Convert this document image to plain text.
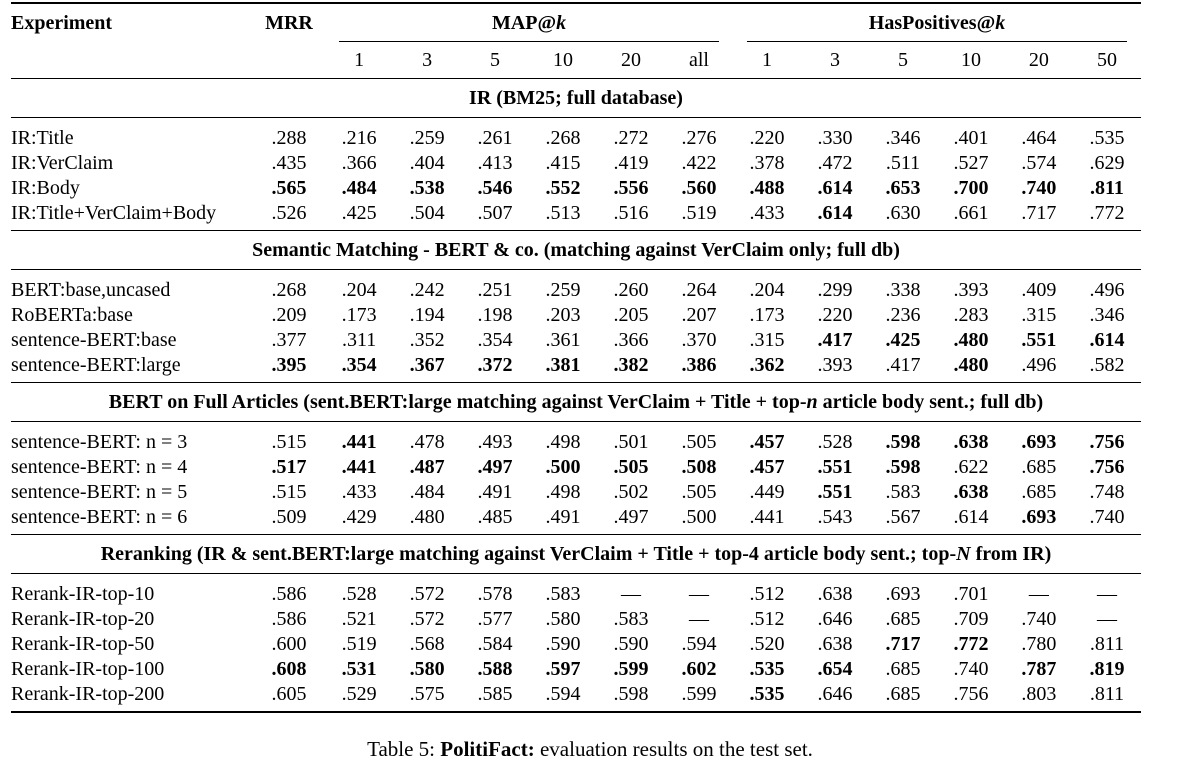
Experiment	MRR	MAP@k						HasPositives@k					

		1	3	5	10	20	all	1	3	5	10	20	50
IR (BM25; full database)													
IR:Title	.288	.216	.259	.261	.268	.272	.276	.220	.330	.346	.401	.464	.535
IR:VerClaim	.435	.366	.404	.413	.415	.419	.422	.378	.472	.511	.527	.574	.629
IR:Body	.565	.484	.538	.546	.552	.556	.560	.488	.614	.653	.700	.740	.811
IR:Title+VerClaim+Body	.526	.425	.504	.507	.513	.516	.519	.433	.614	.630	.661	.717	.772
Semantic Matching - BERT & co. (matching against VerClaim only; full db)													
BERT:base,uncased	.268	.204	.242	.251	.259	.260	.264	.204	.299	.338	.393	.409	.496
RoBERTa:base	.209	.173	.194	.198	.203	.205	.207	.173	.220	.236	.283	.315	.346
sentence-BERT:base	.377	.311	.352	.354	.361	.366	.370	.315	.417	.425	.480	.551	.614
sentence-BERT:large	.395	.354	.367	.372	.381	.382	.386	.362	.393	.417	.480	.496	.582
BERT on Full Articles (sent.BERT:large matching against VerClaim + Title + top-n article body sent.; full db)													
sentence-BERT: n = 3	.515	.441	.478	.493	.498	.501	.505	.457	.528	.598	.638	.693	.756
sentence-BERT: n = 4	.517	.441	.487	.497	.500	.505	.508	.457	.551	.598	.622	.685	.756
sentence-BERT: n = 5	.515	.433	.484	.491	.498	.502	.505	.449	.551	.583	.638	.685	.748
sentence-BERT: n = 6	.509	.429	.480	.485	.491	.497	.500	.441	.543	.567	.614	.693	.740
Reranking (IR & sent.BERT:large matching against VerClaim + Title + top-4 article body sent.; top-N from IR)													
Rerank-IR-top-10	.586	.528	.572	.578	.583	—	—	.512	.638	.693	.701	—	—
Rerank-IR-top-20	.586	.521	.572	.577	.580	.583	—	.512	.646	.685	.709	.740	—
Rerank-IR-top-50	.600	.519	.568	.584	.590	.590	.594	.520	.638	.717	.772	.780	.811
Rerank-IR-top-100	.608	.531	.580	.588	.597	.599	.602	.535	.654	.685	.740	.787	.819
Rerank-IR-top-200	.605	.529	.575	.585	.594	.598	.599	.535	.646	.685	.756	.803	.811
Table 5: PolitiFact: evaluation results on the test set.
